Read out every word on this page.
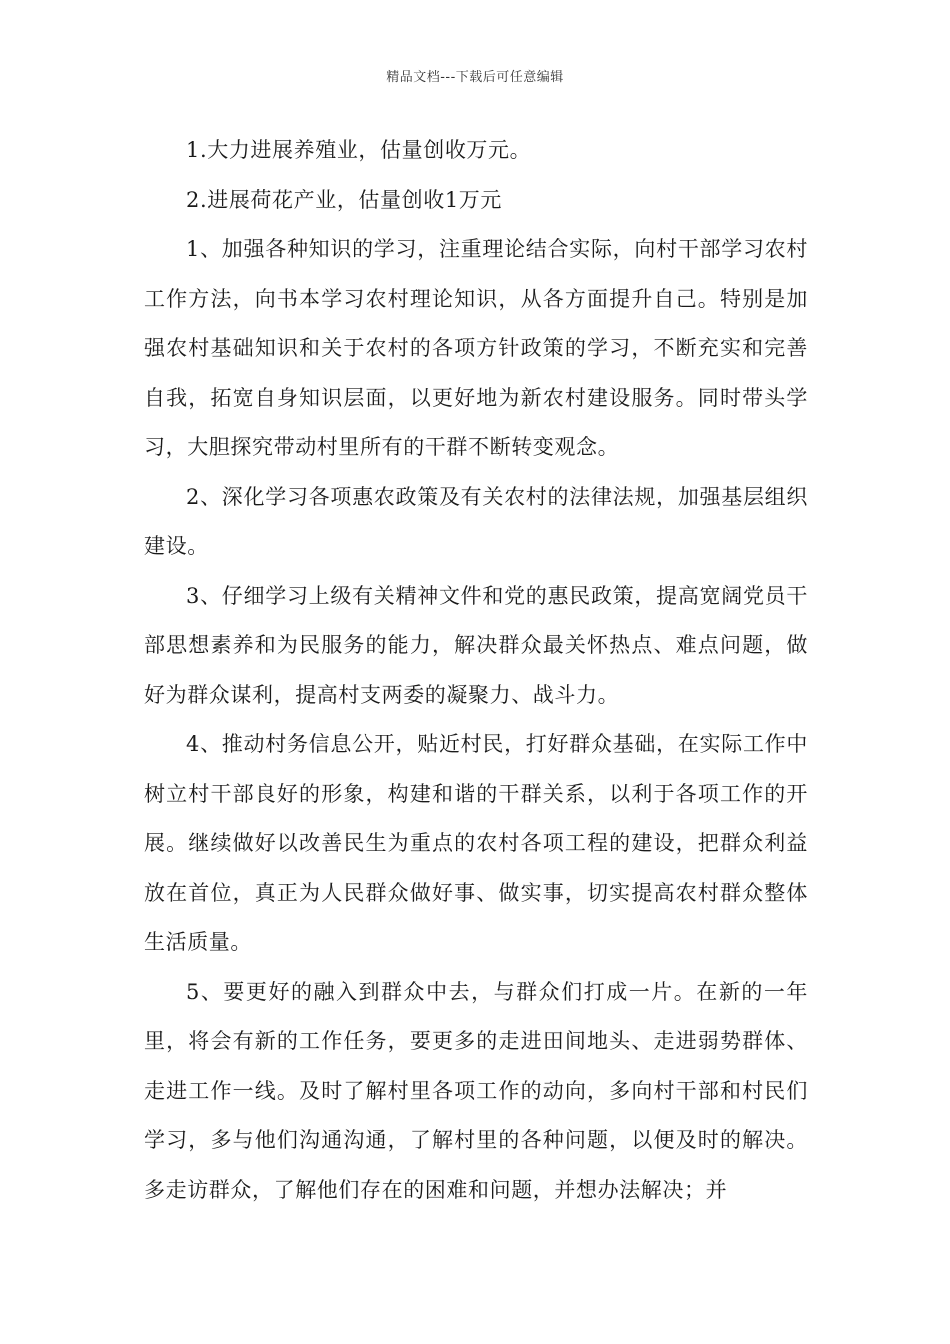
精品文档---下载后可任意编辑

1.大力进展养殖业，估量创收万元。

2.进展荷花产业，估量创收1万元

1、加强各种知识的学习，注重理论结合实际，向村干部学习农村工作方法，向书本学习农村理论知识，从各方面提升自己。特别是加强农村基础知识和关于农村的各项方针政策的学习，不断充实和完善自我，拓宽自身知识层面，以更好地为新农村建设服务。同时带头学习，大胆探究带动村里所有的干群不断转变观念。

2、深化学习各项惠农政策及有关农村的法律法规，加强基层组织建设。

3、仔细学习上级有关精神文件和党的惠民政策，提高宽阔党员干部思想素养和为民服务的能力，解决群众最关怀热点、难点问题，做好为群众谋利，提高村支两委的凝聚力、战斗力。

4、推动村务信息公开，贴近村民，打好群众基础，在实际工作中树立村干部良好的形象，构建和谐的干群关系，以利于各项工作的开展。继续做好以改善民生为重点的农村各项工程的建设，把群众利益放在首位，真正为人民群众做好事、做实事，切实提高农村群众整体生活质量。

5、要更好的融入到群众中去，与群众们打成一片。在新的一年里，将会有新的工作任务，要更多的走进田间地头、走进弱势群体、走进工作一线。及时了解村里各项工作的动向，多向村干部和村民们学习，多与他们沟通沟通，了解村里的各种问题，以便及时的解决。多走访群众，了解他们存在的困难和问题，并想办法解决；并
